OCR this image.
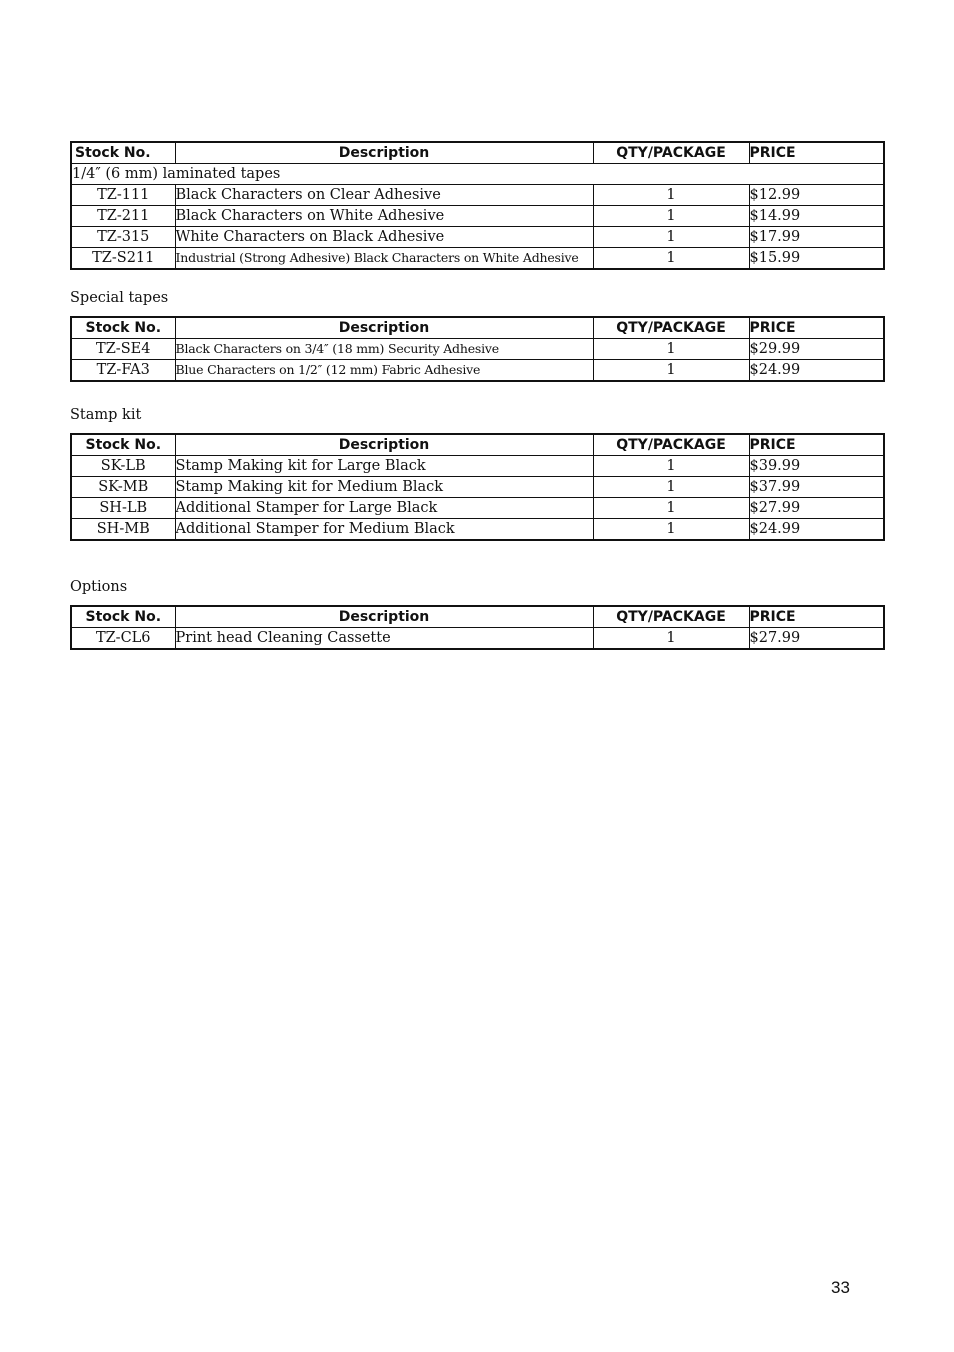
Stock No.	Description	QTY/PACKAGE	PRICE
1/4″ (6 mm) laminated tapes			
TZ-111	Black Characters on Clear Adhesive	1	$12.99
TZ-211	Black Characters on White Adhesive	1	$14.99
TZ-315	White Characters on Black Adhesive	1	$17.99
TZ-S211	Industrial (Strong Adhesive) Black Characters on White Adhesive	1	$15.99
Special tapes
Stock No.	Description	QTY/PACKAGE	PRICE
TZ-SE4	Black Characters on 3/4″ (18 mm) Security Adhesive	1	$29.99
TZ-FA3	Blue Characters on 1/2″ (12 mm) Fabric Adhesive	1	$24.99
Stamp kit
Stock No.	Description	QTY/PACKAGE	PRICE
SK-LB	Stamp Making kit for Large Black	1	$39.99
SK-MB	Stamp Making kit for Medium Black	1	$37.99
SH-LB	Additional Stamper for Large Black	1	$27.99
SH-MB	Additional Stamper for Medium Black	1	$24.99
Options
Stock No.	Description	QTY/PACKAGE	PRICE
TZ-CL6	Print head Cleaning Cassette	1	$27.99
33
